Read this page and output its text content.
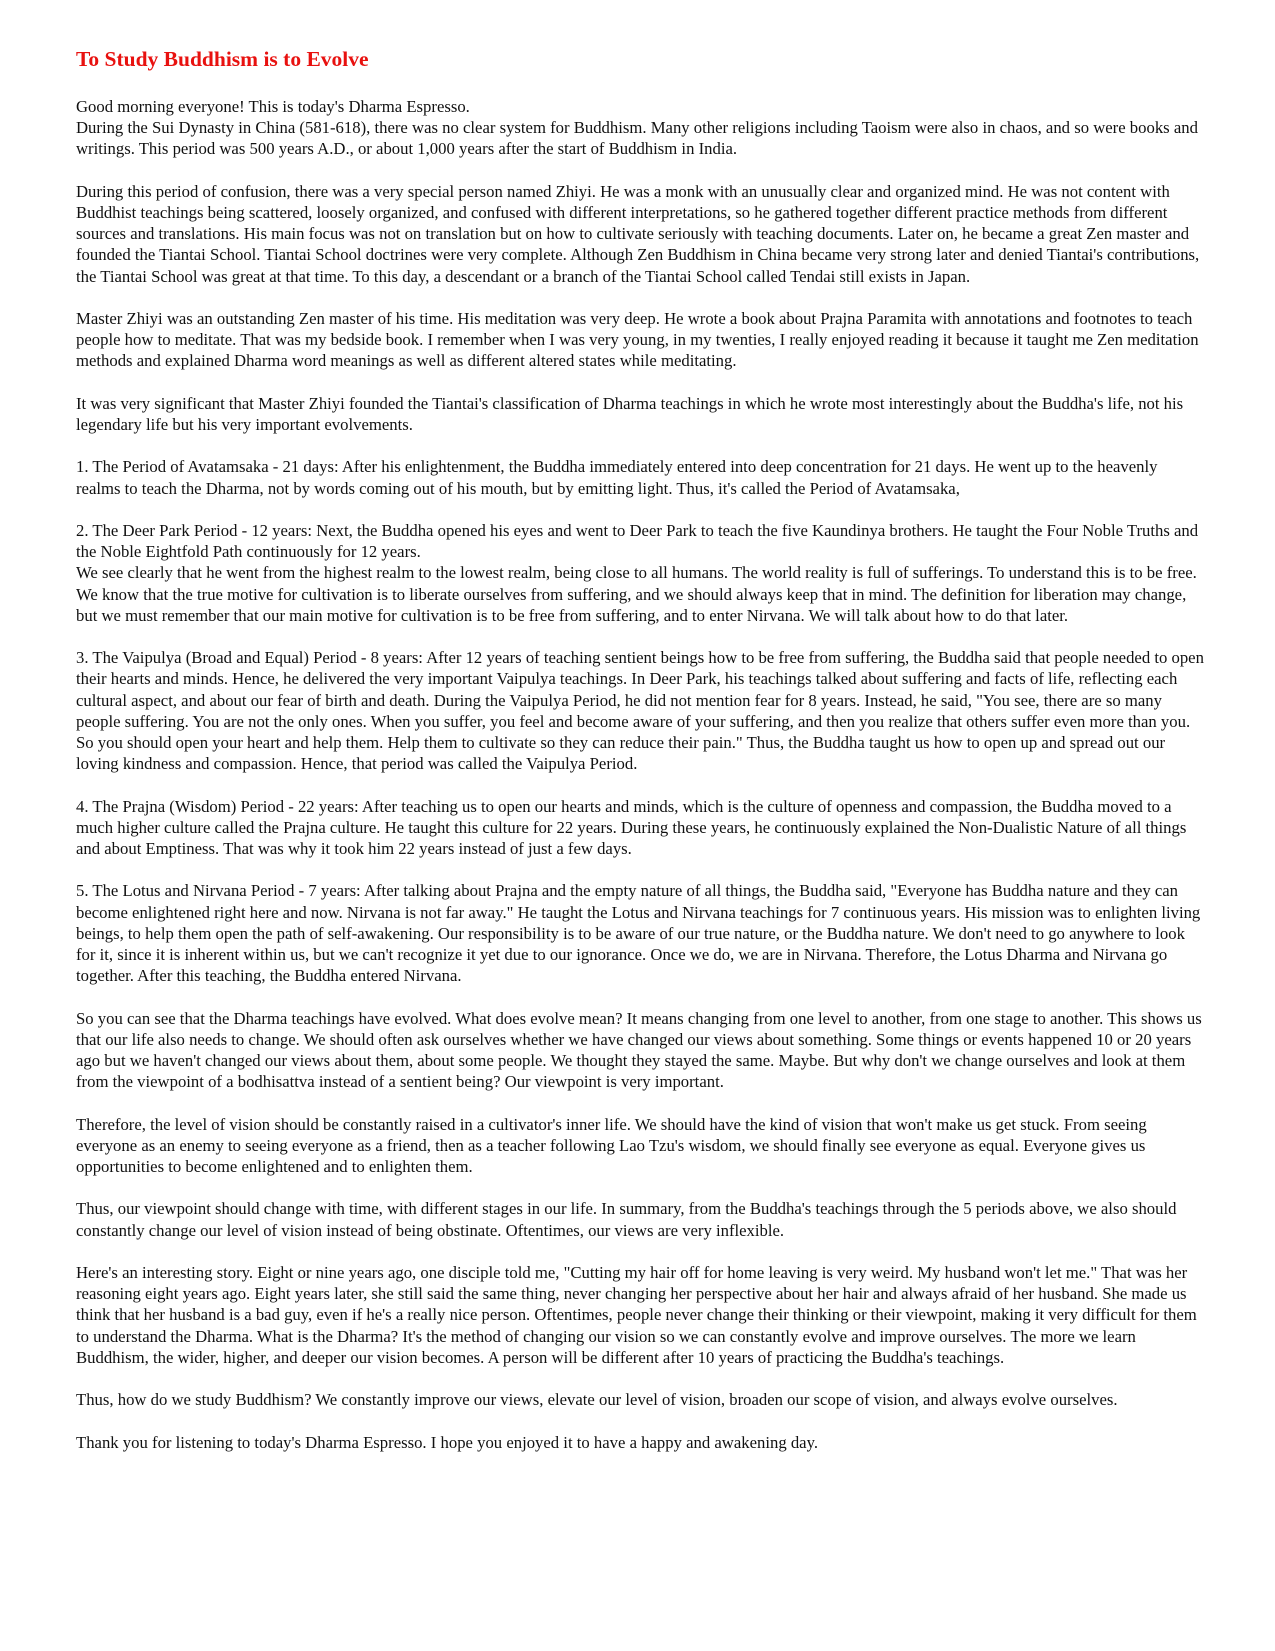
To Study Buddhism is to Evolve

Good morning everyone! This is today's Dharma Espresso.

During the Sui Dynasty in China (581-618), there was no clear system for Buddhism. Many other religions including Taoism were also in chaos, and so were books and writings. This period was 500 years A.D., or about 1,000 years after the start of Buddhism in India.

During this period of confusion, there was a very special person named Zhiyi. He was a monk with an unusually clear and organized mind. He was not content with Buddhist teachings being scattered, loosely organized, and confused with different interpretations, so he gathered together different practice methods from different sources and translations. His main focus was not on translation but on how to cultivate seriously with teaching documents. Later on, he became a great Zen master and founded the Tiantai School. Tiantai School doctrines were very complete. Although Zen Buddhism in China became very strong later and denied Tiantai's contributions, the Tiantai School was great at that time. To this day, a descendant or a branch of the Tiantai School called Tendai still exists in Japan.

Master Zhiyi was an outstanding Zen master of his time. His meditation was very deep. He wrote a book about Prajna Paramita with annotations and footnotes to teach people how to meditate. That was my bedside book. I remember when I was very young, in my twenties, I really enjoyed reading it because it taught me Zen meditation methods and explained Dharma word meanings as well as different altered states while meditating.

It was very significant that Master Zhiyi founded the Tiantai's classification of Dharma teachings in which he wrote most interestingly about the Buddha's life, not his legendary life but his very important evolvements.

1. The Period of Avatamsaka - 21 days: After his enlightenment, the Buddha immediately entered into deep concentration for 21 days. He went up to the heavenly realms to teach the Dharma, not by words coming out of his mouth, but by emitting light. Thus, it's called the Period of Avatamsaka,

2. The Deer Park Period - 12 years: Next, the Buddha opened his eyes and went to Deer Park to teach the five Kaundinya brothers. He taught the Four Noble Truths and the Noble Eightfold Path continuously for 12 years.

We see clearly that he went from the highest realm to the lowest realm, being close to all humans. The world reality is full of sufferings. To understand this is to be free. We know that the true motive for cultivation is to liberate ourselves from suffering, and we should always keep that in mind. The definition for liberation may change, but we must remember that our main motive for cultivation is to be free from suffering, and to enter Nirvana. We will talk about how to do that later.

3. The Vaipulya (Broad and Equal) Period - 8 years: After 12 years of teaching sentient beings how to be free from suffering, the Buddha said that people needed to open their hearts and minds. Hence, he delivered the very important Vaipulya teachings. In Deer Park, his teachings talked about suffering and facts of life, reflecting each cultural aspect, and about our fear of birth and death. During the Vaipulya Period, he did not mention fear for 8 years. Instead, he said, "You see, there are so many people suffering. You are not the only ones. When you suffer, you feel and become aware of your suffering, and then you realize that others suffer even more than you. So you should open your heart and help them. Help them to cultivate so they can reduce their pain." Thus, the Buddha taught us how to open up and spread out our loving kindness and compassion. Hence, that period was called the Vaipulya Period.

4. The Prajna (Wisdom) Period - 22 years: After teaching us to open our hearts and minds, which is the culture of openness and compassion, the Buddha moved to a much higher culture called the Prajna culture. He taught this culture for 22 years. During these years, he continuously explained the Non-Dualistic Nature of all things and about Emptiness. That was why it took him 22 years instead of just a few days.

5. The Lotus and Nirvana Period - 7 years: After talking about Prajna and the empty nature of all things, the Buddha said, "Everyone has Buddha nature and they can become enlightened right here and now. Nirvana is not far away." He taught the Lotus and Nirvana teachings for 7 continuous years. His mission was to enlighten living beings, to help them open the path of self-awakening. Our responsibility is to be aware of our true nature, or the Buddha nature. We don't need to go anywhere to look for it, since it is inherent within us, but we can't recognize it yet due to our ignorance. Once we do, we are in Nirvana. Therefore, the Lotus Dharma and Nirvana go together. After this teaching, the Buddha entered Nirvana.

So you can see that the Dharma teachings have evolved. What does evolve mean? It means changing from one level to another, from one stage to another. This shows us that our life also needs to change. We should often ask ourselves whether we have changed our views about something. Some things or events happened 10 or 20 years ago but we haven't changed our views about them, about some people. We thought they stayed the same. Maybe. But why don't we change ourselves and look at them from the viewpoint of a bodhisattva instead of a sentient being? Our viewpoint is very important.

Therefore, the level of vision should be constantly raised in a cultivator's inner life. We should have the kind of vision that won't make us get stuck. From seeing everyone as an enemy to seeing everyone as a friend, then as a teacher following Lao Tzu's wisdom, we should finally see everyone as equal. Everyone gives us opportunities to become enlightened and to enlighten them.

Thus, our viewpoint should change with time, with different stages in our life. In summary, from the Buddha's teachings through the 5 periods above, we also should constantly change our level of vision instead of being obstinate. Oftentimes, our views are very inflexible.

Here's an interesting story. Eight or nine years ago, one disciple told me, "Cutting my hair off for home leaving is very weird. My husband won't let me." That was her reasoning eight years ago. Eight years later, she still said the same thing, never changing her perspective about her hair and always afraid of her husband. She made us think that her husband is a bad guy, even if he's a really nice person. Oftentimes, people never change their thinking or their viewpoint, making it very difficult for them to understand the Dharma. What is the Dharma? It's the method of changing our vision so we can constantly evolve and improve ourselves. The more we learn Buddhism, the wider, higher, and deeper our vision becomes. A person will be different after 10 years of practicing the Buddha's teachings.

Thus, how do we study Buddhism? We constantly improve our views, elevate our level of vision, broaden our scope of vision, and always evolve ourselves.

Thank you for listening to today's Dharma Espresso. I hope you enjoyed it to have a happy and awakening day.
